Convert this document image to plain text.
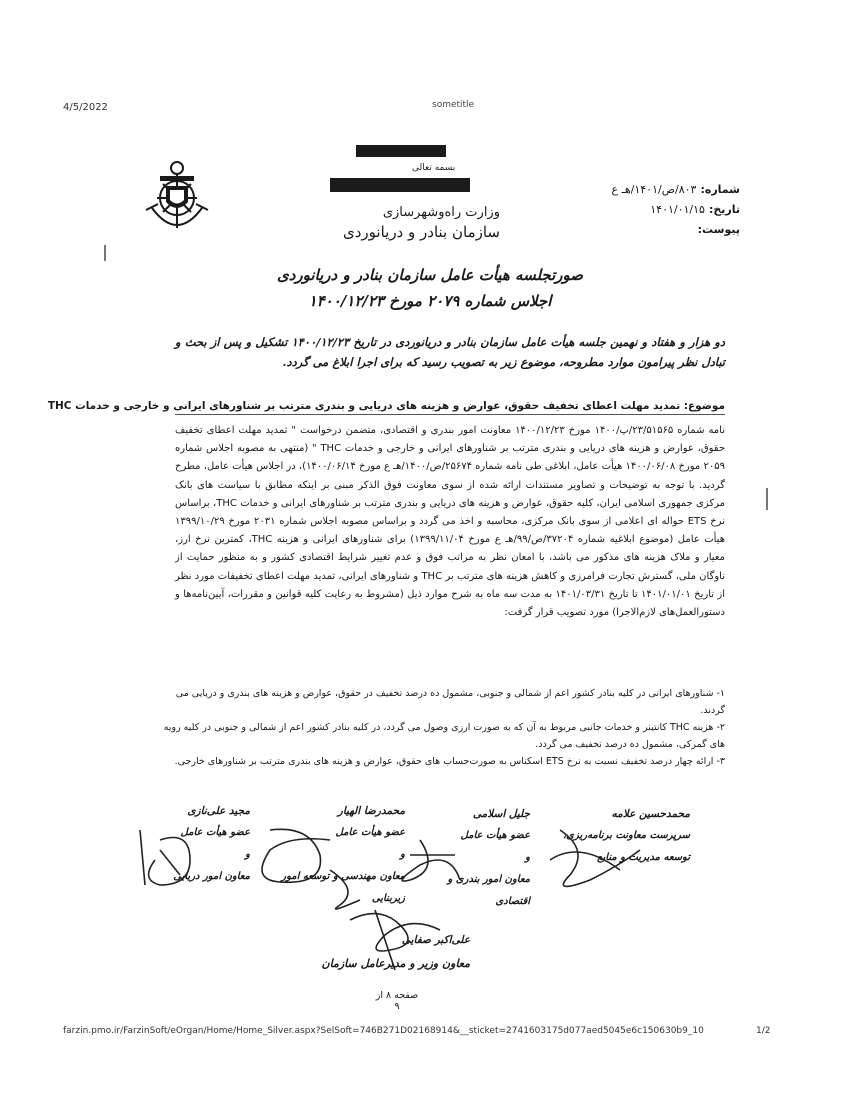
4/5/2022	sometitle
بسمه تعالی
شماره:
۸۰۳/ص/۱۴۰۱/هـ ع
تاریخ:
۱۴۰۱/۰۱/۱۵
پیوست:
وزارت راه‌وشهرسازی
سازمان بنادر و دریانوردی
صورتجلسه هیأت عامل سازمان بنادر و دریانوردی
اجلاس شماره ۲۰۷۹ مورخ ۱۴۰۰/۱۲/۲۳
دو هزار و هفتاد و نهمین جلسه هیأت عامل سازمان بنادر و دریانوردی در تاریخ ۱۴۰۰/۱۲/۲۳ تشکیل و پس از بحث و تبادل نظر پیرامون موارد مطروحه، موضوع زیر به تصویب رسید که برای اجرا ابلاغ می گردد.
موضوع: تمدید مهلت اعطای تخفیف حقوق، عوارض و هزینه های دریایی و بندری مترتب بر شناورهای ایرانی و خارجی و خدمات THC
نامه شماره ۲۳/۵۱۵۶۵/پ/۱۴۰۰ مورخ ۱۴۰۰/۱۲/۲۳ معاونت امور بندری و اقتصادی، متضمن درخواست " تمدید مهلت اعطای تخفیف حقوق، عوارض و هزینه های دریایی و بندری مترتب بر شناورهای ایرانی و خارجی و خدمات THC " (منتهی به مصوبه اجلاس شماره ۲۰۵۹ مورخ ۱۴۰۰/۰۶/۰۸ هیأت عامل، ابلاغی طی نامه شماره ۲۵۶۷۴/ص/۱۴۰۰/هـ ع مورخ ۱۴۰۰/۰۶/۱۴)، در اجلاس هیأت عامل، مطرح گردید. با توجه به توضیحات و تصاویر مستندات ارائه شده از سوی معاونت فوق الذکر مبنی بر اینکه مطابق با سیاست های بانک مرکزی جمهوری اسلامی ایران، کلیه حقوق، عوارض و هزینه های دریایی و بندری مترتب بر شناورهای ایرانی و خدمات THC، براساس نرخ ETS حواله ای اعلامی از سوی بانک مرکزی، محاسبه و اخذ می گردد و براساس مصوبه اجلاس شماره ۲۰۳۱ مورخ ۱۳۹۹/۱۰/۲۹ هیأت عامل (موضوع ابلاغیه شماره ۳۷۲۰۴/ص/۹۹/هـ ع مورخ ۱۳۹۹/۱۱/۰۴) برای شناورهای ایرانی و هزینه THC، کمترین نرخ ارز، معیار و ملاک هزینه های مذکور می باشد، با امعان نظر به مراتب فوق و عدم تغییر شرایط اقتصادی کشور و به منظور حمایت از ناوگان ملی، گسترش تجارت فرامرزی و کاهش هزینه های مترتب بر THC و شناورهای ایرانی، تمدید مهلت اعطای تخفیفات مورد نظر از تاریخ ۱۴۰۱/۰۱/۰۱ تا تاریخ ۱۴۰۱/۰۳/۳۱ به مدت سه ماه به شرح موارد ذیل (مشروط به رعایت کلیه قوانین و مقررات، آیین‌نامه‌ها و دستورالعمل‌های لازم‌الاجرا) مورد تصویب قرار گرفت:
۱- شناورهای ایرانی در کلیه بنادر کشور اعم از شمالی و جنوبی، مشمول ده درصد تخفیف در حقوق، عوارض و هزینه های بندری و دریایی می گردند.
۲- هزینه THC کانتینر و خدمات جانبی مربوط به آن که به صورت ارزی وصول می گردد، در کلیه بنادر کشور اعم از شمالی و جنوبی در کلیه رویه های گمرکی، مشمول ده درصد تخفیف می گردد.
۳- ارائه چهار درصد تخفیف نسبت به نرخ ETS اسکناس به صورت‌حساب های حقوق، عوارض و هزینه های بندری مترتب بر شناورهای خارجی.
محمدحسین علامه
سرپرست معاونت برنامه‌ریزی،
توسعه مدیریت و منابع
جلیل اسلامی
عضو هیأت عامل
و
معاون امور بندری و اقتصادی
محمدرضا الهیار
عضو هیأت عامل
و
معاون مهندسی و توسعه امور زیربنایی
مجید علی‌نازی
عضو هیأت عامل
و
معاون امور دریایی
علی‌اکبر صفایی
معاون وزیر و مدیرعامل سازمان
صفحه ۸ از ۹
farzin.pmo.ir/FarzinSoft/eOrgan/Home/Home_Silver.aspx?SelSoft=746B271D02168914&__sticket=2741603175d077aed5045e6c150630b9_10	1/2
